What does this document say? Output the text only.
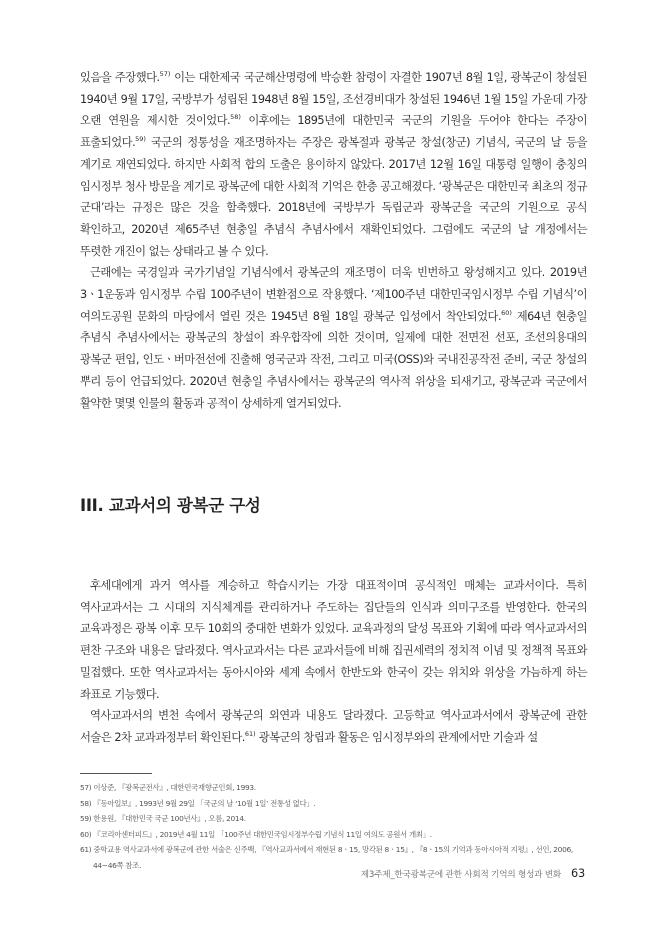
있음을 주장했다.$^{57)}$ 이는 대한제국 국군해산명령에 박승환 참령이 자결한 1907년 8월 1일, 광복군이 창설된 1940년 9월 17일, 국방부가 성립된 1948년 8월 15일, 조선경비대가 창설된 1946년 1월 15일 가운데 가장 오랜 연원을 제시한 것이었다.$^{58)}$ 이후에는 1895년에 대한민국 국군의 기원을 두어야 한다는 주장이 표출되었다.$^{59)}$ 국군의 정통성을 재조명하자는 주장은 광복절과 광복군 창설(창군) 기념식, 국군의 날 등을 계기로 재연되었다. 하지만 사회적 합의 도출은 용이하지 않았다. 2017년 12월 16일 대통령 일행이 충칭의 임시정부 청사 방문을 계기로 광복군에 대한 사회적 기억은 한층 공고해졌다. ‘광복군은 대한민국 최초의 정규 군대’라는 규정은 많은 것을 함축했다. 2018년에 국방부가 독립군과 광복군을 국군의 기원으로 공식 확인하고, 2020년 제65주년 현충일 추념식 추념사에서 재확인되었다. 그럼에도 국군의 날 개정에서는 뚜렷한 개진이 없는 상태라고 볼 수 있다.

근래에는 국경일과 국가기념일 기념식에서 광복군의 재조명이 더욱 빈번하고 왕성해지고 있다. 2019년 3ㆍ1운동과 임시정부 수립 100주년이 변환점으로 작용했다. ‘제100주년 대한민국임시정부 수립 기념식’이 여의도공원 문화의 마당에서 열린 것은 1945년 8월 18일 광복군 입성에서 착안되었다.$^{60)}$ 제64년 현충일 추념식 추념사에서는 광복군의 창설이 좌우합작에 의한 것이며, 일제에 대한 전면전 선포, 조선의용대의 광복군 편입, 인도ㆍ버마전선에 진출해 영국군과 작전, 그리고 미국(OSS)와 국내진공작전 준비, 국군 창설의 뿌리 등이 언급되었다. 2020년 현충일 추념사에서는 광복군의 역사적 위상을 되새기고, 광복군과 국군에서 활약한 몇몇 인물의 활동과 공적이 상세하게 열거되었다.

III. 교과서의 광복군 구성

후세대에게 과거 역사를 계승하고 학습시키는 가장 대표적이며 공식적인 매체는 교과서이다. 특히 역사교과서는 그 시대의 지식체계를 관리하거나 주도하는 집단들의 인식과 의미구조를 반영한다. 한국의 교육과정은 광복 이후 모두 10회의 중대한 변화가 있었다. 교육과정의 달성 목표와 기획에 따라 역사교과서의 편찬 구조와 내용은 달라졌다. 역사교과서는 다른 교과서들에 비해 집권세력의 정치적 이념 및 정책적 목표와 밀접했다. 또한 역사교과서는 동아시아와 세계 속에서 한반도와 한국이 갖는 위치와 위상을 가늠하게 하는 좌표로 기능했다.

역사교과서의 변천 속에서 광복군의 외연과 내용도 달라졌다. 고등학교 역사교과서에서 광복군에 관한 서술은 2차 교과과정부터 확인된다.$^{61)}$ 광복군의 창립과 활동은 임시정부와의 관계에서만 기술과 설

57) 이상준, 『광복군전사』, 대한민국재향군인회, 1993.

58) 『동아일보』, 1993년 9월 29일 「국군의 날 ‘10월 1일’ 전통성 없다」.

59) 한용원, 『대한민국 국군 100년사』, 오름, 2014.

60) 『코리아센터피드』, 2019년 4월 11일 「100주년 대한민국임시정부수립 기념식 11일 여의도 공원서 개최」.

61) 중학교용 역사교과서에 광복군에 관한 서술은 신주백, 『역사교과서에서 재현된 8ㆍ15, 망각된 8ㆍ15』, 『8ㆍ15의 기억과 동아시아적 지평』, 선인, 2006, 44~46쪽 참조.

제3주제_한국광복군에 관한 사회적 기억의 형성과 변화 63
